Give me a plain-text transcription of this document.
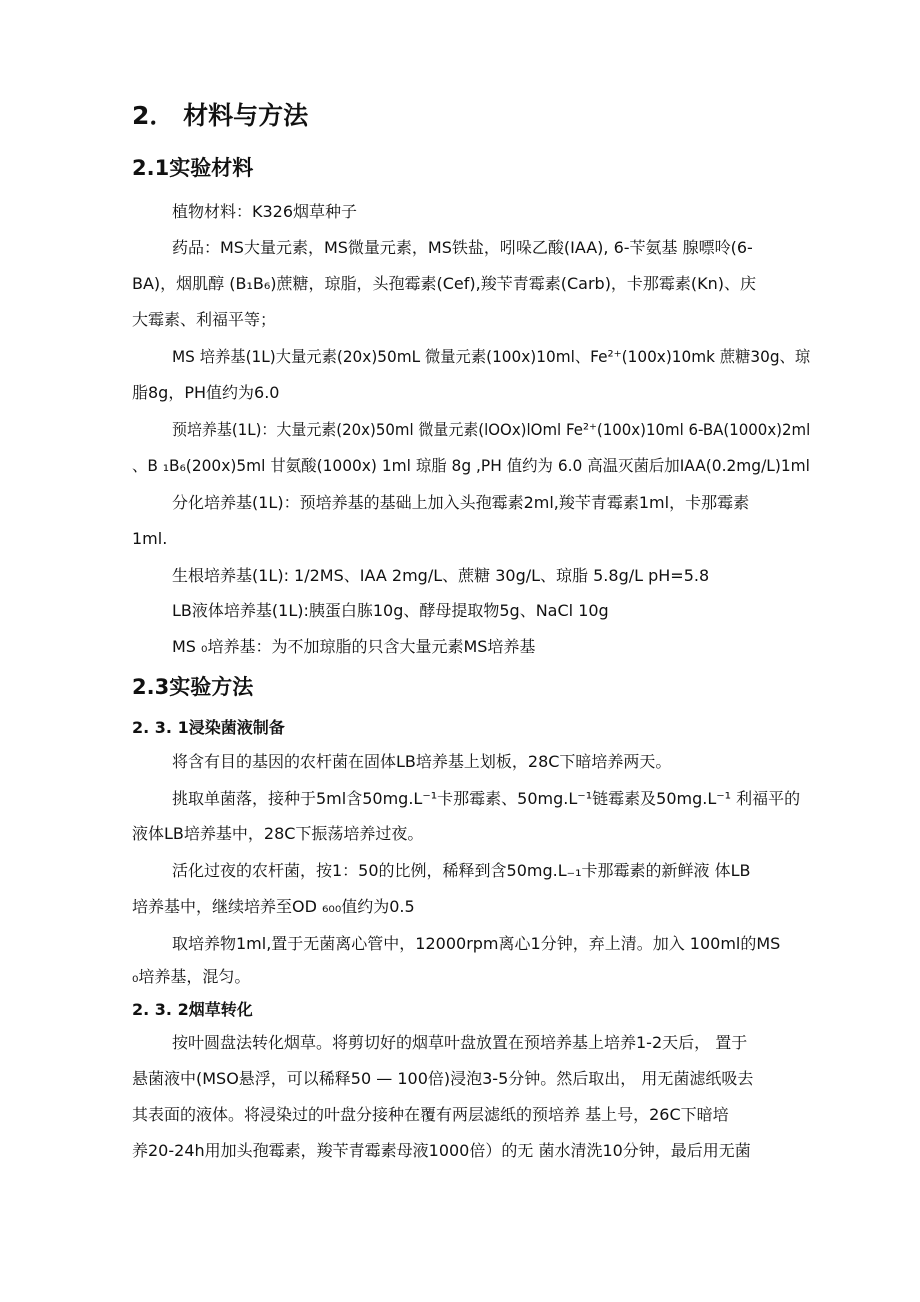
2． 材料与方法
2.1实验材料

植物材料：K326烟草种子

药品：MS大量元素，MS微量元素，MS铁盐，吲哚乙酸(IAA), 6-苄氨基 腺嘌呤(6-

BA)，烟肌醇 (B₁B₆)蔗糖，琼脂，头孢霉素(Cef),羧苄青霉素(Carb)，卡那霉素(Kn)、庆

大霉素、利福平等；

MS 培养基(1L)大量元素(20x)50mL 微量元素(100x)10ml、Fe²⁺(100x)10mk 蔗糖30g、琼

脂8g，PH值约为6.0

预培养基(1L)：大量元素(20x)50ml 微量元素(lOOx)lOml Fe²⁺(100x)10ml 6-BA(1000x)2ml

、B ₁B₆(200x)5ml 甘氨酸(1000x) 1ml 琼脂 8g ,PH 值约为 6.0 高温灭菌后加IAA(0.2mg/L)1ml

分化培养基(1L)：预培养基的基础上加入头孢霉素2ml,羧苄青霉素1ml，卡那霉素

1ml.

生根培养基(1L): 1/2MS、IAA 2mg/L、蔗糖 30g/L、琼脂 5.8g/L pH=5.8

LB液体培养基(1L):胰蛋白胨10g、酵母提取物5g、NaCl 10g

MS ₀培养基：为不加琼脂的只含大量元素MS培养基

2.3实验方法
2. 3. 1浸染菌液制备

将含有目的基因的农杆菌在固体LB培养基上划板，28C下暗培养两天。

挑取单菌落，接种于5ml含50mg.L⁻¹卡那霉素、50mg.L⁻¹链霉素及50mg.L⁻¹ 利福平的

液体LB培养基中，28C下振荡培养过夜。

活化过夜的农杆菌，按1：50的比例，稀释到含50mg.L₋₁卡那霉素的新鲜液 体LB

培养基中，继续培养至OD ₆₀₀值约为0.5

取培养物1ml,置于无菌离心管中，12000rpm离心1分钟，弃上清。加入 100ml的MS

₀培养基，混匀。

2. 3. 2烟草转化

按叶圆盘法转化烟草。将剪切好的烟草叶盘放置在预培养基上培养1-2天后， 置于

悬菌液中(MSO悬浮，可以稀释50 — 100倍)浸泡3-5分钟。然后取出， 用无菌滤纸吸去

其表面的液体。将浸染过的叶盘分接种在覆有两层滤纸的预培养 基上号，26C下暗培

养20-24h用加头孢霉素，羧苄青霉素母液1000倍）的无 菌水清洗10分钟，最后用无菌
